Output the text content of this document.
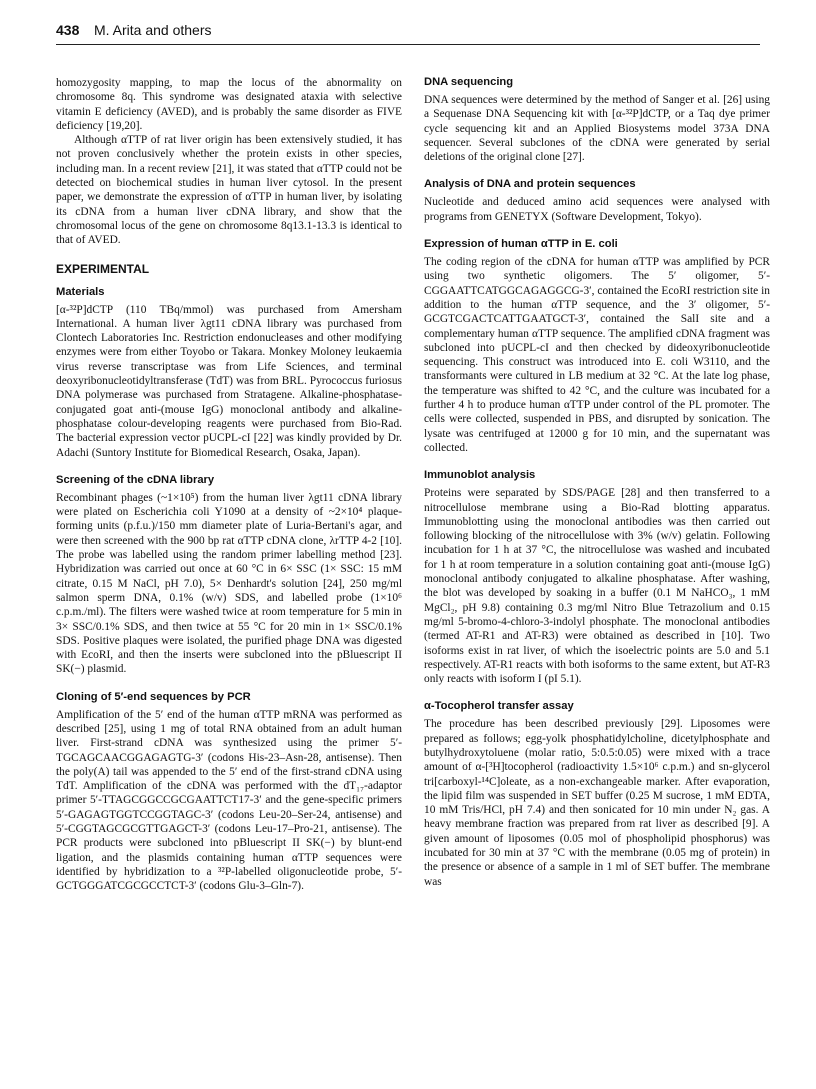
438 M. Arita and others

homozygosity mapping, to map the locus of the abnormality on chromosome 8q. This syndrome was designated ataxia with selective vitamin E deficiency (AVED), and is probably the same disorder as FIVE deficiency [19,20].

Although αTTP of rat liver origin has been extensively studied, it has not proven conclusively whether the protein exists in other species, including man. In a recent review [21], it was stated that αTTP could not be detected on biochemical studies in human liver cytosol. In the present paper, we demonstrate the expression of αTTP in human liver, by isolating its cDNA from a human liver cDNA library, and show that the chromosomal locus of the gene on chromosome 8q13.1-13.3 is identical to that of AVED.

EXPERIMENTAL
Materials

[α-³²P]dCTP (110 TBq/mmol) was purchased from Amersham International. A human liver λgt11 cDNA library was purchased from Clontech Laboratories Inc. Restriction endonucleases and other modifying enzymes were from either Toyobo or Takara. Monkey Moloney leukaemia virus reverse transcriptase was from Life Sciences, and terminal deoxyribonucleotidyltransferase (TdT) was from BRL. Pyrococcus furiosus DNA polymerase was purchased from Stratagene. Alkaline-phosphatase-conjugated goat anti-(mouse IgG) monoclonal antibody and alkaline-phosphatase colour-developing reagents were purchased from Bio-Rad. The bacterial expression vector pUCPL-cI [22] was kindly provided by Dr. Adachi (Suntory Institute for Biomedical Research, Osaka, Japan).

Screening of the cDNA library

Recombinant phages (~1×10⁵) from the human liver λgt11 cDNA library were plated on Escherichia coli Y1090 at a density of ~2×10⁴ plaque-forming units (p.f.u.)/150 mm diameter plate of Luria-Bertani's agar, and were then screened with the 900 bp rat αTTP cDNA clone, λrTTP 4-2 [10]. The probe was labelled using the random primer labelling method [23]. Hybridization was carried out once at 60 °C in 6× SSC (1× SSC: 15 mM citrate, 0.15 M NaCl, pH 7.0), 5× Denhardt's solution [24], 250 mg/ml salmon sperm DNA, 0.1% (w/v) SDS, and labelled probe (1×10⁶ c.p.m./ml). The filters were washed twice at room temperature for 5 min in 3× SSC/0.1% SDS, and then twice at 55 °C for 20 min in 1× SSC/0.1% SDS. Positive plaques were isolated, the purified phage DNA was digested with EcoRI, and then the inserts were subcloned into the pBluescript II SK(−) plasmid.

Cloning of 5′-end sequences by PCR

Amplification of the 5′ end of the human αTTP mRNA was performed as described [25], using 1 mg of total RNA obtained from an adult human liver. First-strand cDNA was synthesized using the primer 5′-TGCAGCAACGGAGAGTG-3′ (codons His-23–Asn-28, antisense). Then the poly(A) tail was appended to the 5′ end of the first-strand cDNA using TdT. Amplification of the cDNA was performed with the dT₁₇-adaptor primer 5′-TTAGCGGCCGCGAATTCT17-3′ and the gene-specific primers 5′-GAGAGTGGTCCGGTAGC-3′ (codons Leu-20–Ser-24, antisense) and 5′-CGGTAGCGCGTTGAGCT-3′ (codons Leu-17–Pro-21, antisense). The PCR products were subcloned into pBluescript II SK(−) by blunt-end ligation, and the plasmids containing human αTTP sequences were identified by hybridization to a ³²P-labelled oligonucleotide probe, 5′-GCTGGGATCGCGCCTCT-3′ (codons Glu-3–Gln-7).

DNA sequencing

DNA sequences were determined by the method of Sanger et al. [26] using a Sequenase DNA Sequencing kit with [α-³²P]dCTP, or a Taq dye primer cycle sequencing kit and an Applied Biosystems model 373A DNA sequencer. Several subclones of the cDNA were generated by serial deletions of the original clone [27].

Analysis of DNA and protein sequences

Nucleotide and deduced amino acid sequences were analysed with programs from GENETYX (Software Development, Tokyo).

Expression of human αTTP in E. coli

The coding region of the cDNA for human αTTP was amplified by PCR using two synthetic oligomers. The 5′ oligomer, 5′-CGGAATTCATGGCAGAGGCG-3′, contained the EcoRI restriction site in addition to the human αTTP sequence, and the 3′ oligomer, 5′-GCGTCGACTCATTGAATGCT-3′, contained the SalI site and a complementary human αTTP sequence. The amplified cDNA fragment was subcloned into pUCPL-cI and then checked by dideoxyribonucleotide sequencing. This construct was introduced into E. coli W3110, and the transformants were cultured in LB medium at 32 °C. At the late log phase, the temperature was shifted to 42 °C, and the culture was incubated for a further 4 h to produce human αTTP under control of the PL promoter. The cells were collected, suspended in PBS, and disrupted by sonication. The lysate was centrifuged at 12000 g for 10 min, and the supernatant was collected.

Immunoblot analysis

Proteins were separated by SDS/PAGE [28] and then transferred to a nitrocellulose membrane using a Bio-Rad blotting apparatus. Immunoblotting using the monoclonal antibodies was then carried out following blocking of the nitrocellulose with 3% (w/v) gelatin. Following incubation for 1 h at 37 °C, the nitrocellulose was washed and incubated for 1 h at room temperature in a solution containing goat anti-(mouse IgG) monoclonal antibody conjugated to alkaline phosphatase. After washing, the blot was developed by soaking in a buffer (0.1 M NaHCO₃, 1 mM MgCl₂, pH 9.8) containing 0.3 mg/ml Nitro Blue Tetrazolium and 0.15 mg/ml 5-bromo-4-chloro-3-indolyl phosphate. The monoclonal antibodies (termed AT-R1 and AT-R3) were obtained as described in [10]. Two isoforms exist in rat liver, of which the isoelectric points are 5.0 and 5.1 respectively. AT-R1 reacts with both isoforms to the same extent, but AT-R3 only reacts with isoform I (pI 5.1).

α-Tocopherol transfer assay

The procedure has been described previously [29]. Liposomes were prepared as follows; egg-yolk phosphatidylcholine, dicetylphosphate and butylhydroxytoluene (molar ratio, 5:0.5:0.05) were mixed with a trace amount of α-[³H]tocopherol (radioactivity 1.5×10⁶ c.p.m.) and sn-glycerol tri[carboxyl-¹⁴C]oleate, as a non-exchangeable marker. After evaporation, the lipid film was suspended in SET buffer (0.25 M sucrose, 1 mM EDTA, 10 mM Tris/HCl, pH 7.4) and then sonicated for 10 min under N₂ gas. A heavy membrane fraction was prepared from rat liver as described [9]. A given amount of liposomes (0.05 mol of phospholipid phosphorus) was incubated for 30 min at 37 °C with the membrane (0.05 mg of protein) in the presence or absence of a sample in 1 ml of SET buffer. The membrane was
